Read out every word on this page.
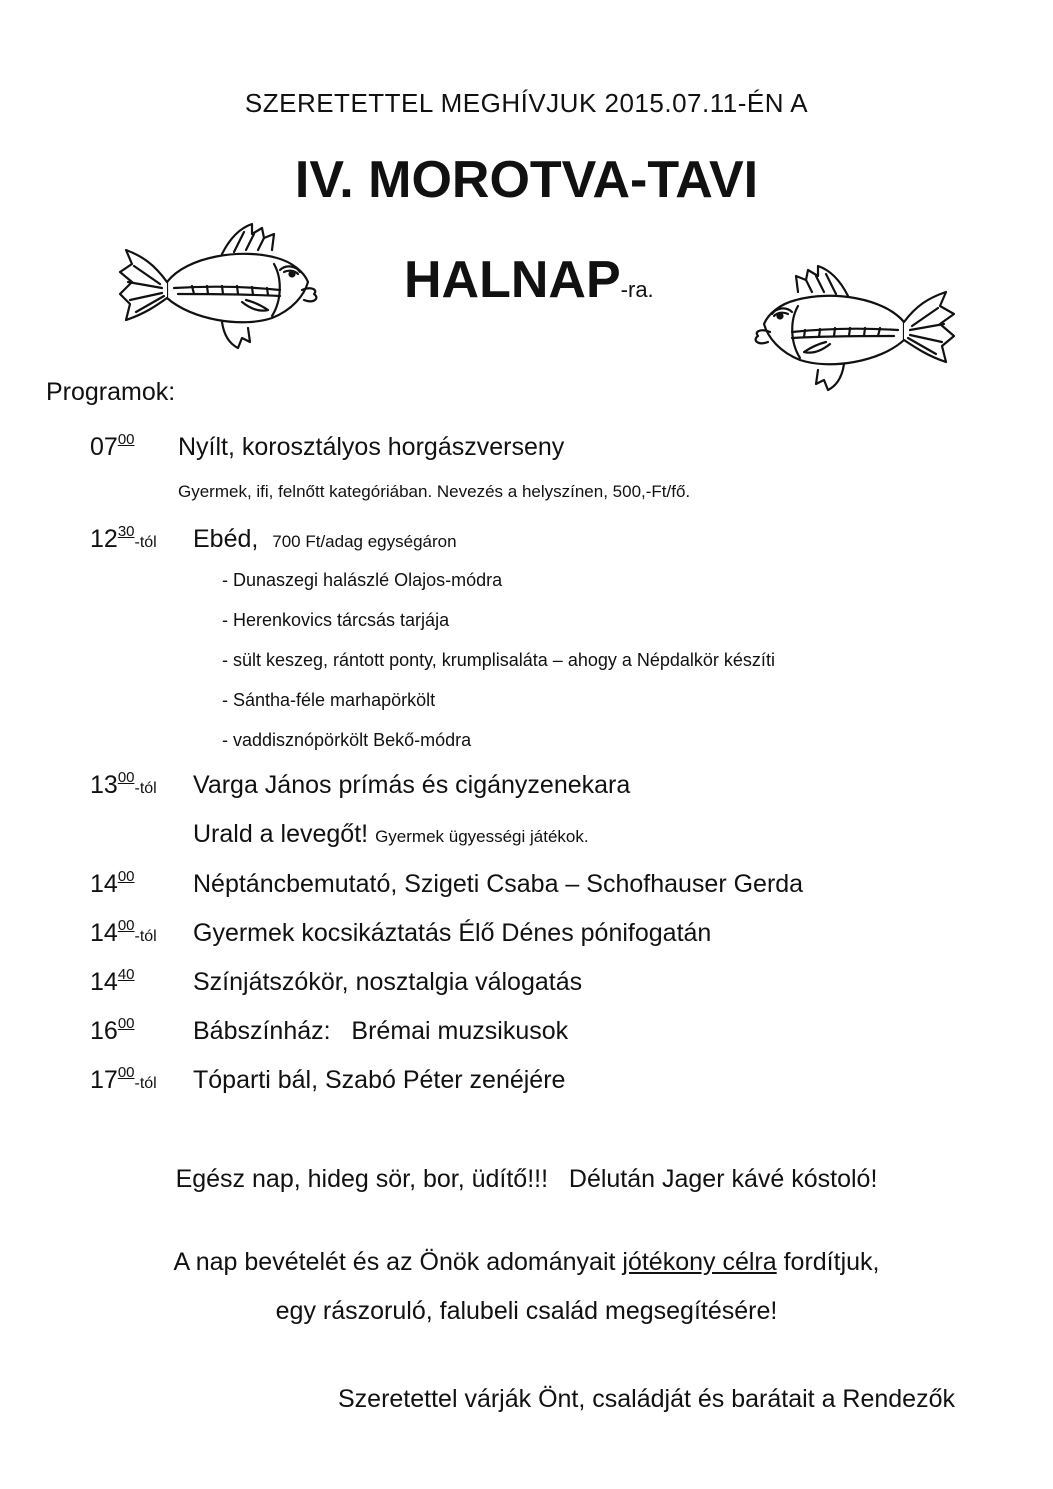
SZERETETTEL MEGHÍVJUK 2015.07.11-ÉN A
IV. MOROTVA-TAVI
HALNAP-ra.
Programok:
$07^{00}$ Nyílt, korosztályos horgászverseny
Gyermek, ifi, felnőtt kategóriában. Nevezés a helyszínen, 500,-Ft/fő.
$12^{30}$-tól Ebéd, 700 Ft/adag egységáron
- Dunaszegi halászlé Olajos-módra
- Herenkovics tárcsás tarjája
- sült keszeg, rántott ponty, krumplisaláta – ahogy a Népdalkör készíti
- Sántha-féle marhapörkölt
- vaddisznópörkölt Bekő-módra
$13^{00}$-tól Varga János prímás és cigányzenekara
Urald a levegőt! Gyermek ügyességi játékok.
$14^{00}$ Néptáncbemutató, Szigeti Csaba – Schofhauser Gerda
$14^{00}$-tól Gyermek kocsikáztatás Élő Dénes pónifogatán
$14^{40}$ Színjátszókör, nosztalgia válogatás
$16^{00}$ Bábszínház:   Brémai muzsikusok
$17^{00}$-tól Tóparti bál, Szabó Péter zenéjére
Egész nap, hideg sör, bor, üdítő!!!   Délután Jager kávé kóstoló!
A nap bevételét és az Önök adományait jótékony célra fordítjuk,
egy rászoruló, falubeli család megsegítésére!
Szeretettel várják Önt, családját és barátait a Rendezők
